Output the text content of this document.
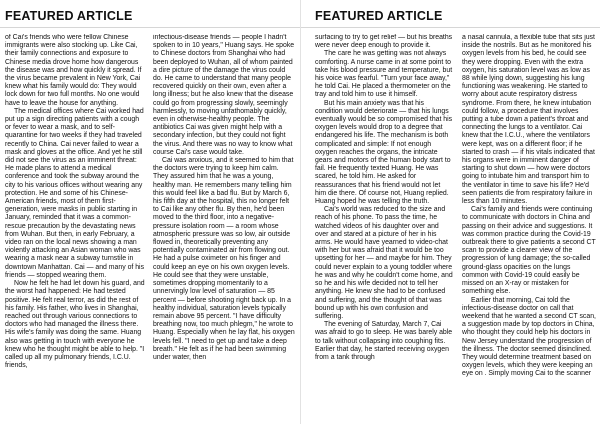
FEATURED ARTICLE

of Cai's friends who were fellow Chinese immigrants were also stocking up. Like Cai, their family connections and exposure to Chinese media drove home how dangerous the disease was and how quickly it spread. If the virus became prevalent in New York, Cai knew what his family would do: They would lock down for two full months. No one would have to leave the house for anything.

The medical offices where Cai worked had put up a sign directing patients with a cough or fever to wear a mask, and to self-quarantine for two weeks if they had traveled recently to China. Cai never failed to wear a mask and gloves at the office. And yet he still did not see the virus as an imminent threat: He made plans to attend a medical conference and took the subway around the city to his various offices without wearing any protection. He and some of his Chinese-American friends, most of them first-generation, were masks in public starting in January, reminded that it was a common-rescue precaution by the devastating news from Wuhan. But then, in early February, a video ran on the local news showing a man violently attacking an Asian woman who was wearing a mask near a subway turnstile in downtown Manhattan. Cai — and many of his friends — stopped wearing them.

Now he felt he had let down his guard, and the worst had happened: He had tested positive. He felt real terror, as did the rest of his family. His father, who lives in Shanghai, reached out through various connections to doctors who had managed the illness there. His wife's family was doing the same. Huang also was getting in touch with everyone he knew who he thought might be able to help. "I called up all my pulmonary friends, I.C.U. friends,

infectious-disease friends — people I hadn't spoken to in 10 years," Huang says. He spoke to Chinese doctors from Shanghai who had been deployed to Wuhan, all of whom painted a dire picture of the damage the virus could do. He came to understand that many people recovered quickly on their own, even after a long illness; but he also knew that the disease could go from progressing slowly, seemingly harmlessly, to moving unfathomably quickly, even in otherwise-healthy people. The antibiotics Cai was given might help with a secondary infection, but they could not fight the virus. And there was no way to know what course Cai's case would take.

Cai was anxious, and it seemed to him that the doctors were trying to keep him calm. They assured him that he was a young, healthy man. He remembers many telling him this would feel like a bad flu. But by March 6, his fifth day at the hospital, this no longer felt to Cai like any other flu. By then, he'd been moved to the third floor, into a negative-pressure isolation room — a room whose atmospheric pressure was so low, air outside flowed in, theoretically preventing any potentially contaminated air from flowing out. He had a pulse oximeter on his finger and could keep an eye on his own oxygen levels. He could see that they were unstable, sometimes dropping momentarily to a unnervingly low level of saturation — 85 percent — before shooting right back up. In a healthy individual, saturation levels typically remain above 95 percent. "I have difficulty breathing now, too much phlegm," he wrote to Huang. Especially when he lay flat, his oxygen levels fell. "I need to get up and take a deep breath." He felt as if he had been swimming under water, then

FEATURED ARTICLE

surfacing to try to get relief — but his breaths were never deep enough to provide it.

The care he was getting was not always comforting. A nurse came in at some point to take his blood pressure and temperature, but his voice was fearful. "Turn your face away," he told Cai. He placed a thermometer on the tray and told him to use it himself.

But his main anxiety was that his condition would deteriorate — that his lungs eventually would be so compromised that his oxygen levels would drop to a degree that endangered his life. The mechanism is both complicated and simple: If not enough oxygen reaches the organs, the intricate gears and motors of the human body start to fail. He frequently texted Huang. He was scared, he told him. He asked for reassurances that his friend would not let him die there. Of course not, Huang replied. Huang hoped he was telling the truth.

Cai's world was reduced to the size and reach of his phone. To pass the time, he watched videos of his daughter over and over and stared at a picture of her in his arms. He would have yearned to video-chat with her but was afraid that it would be too upsetting for her — and maybe for him. They could never explain to a young toddler where he was and why he couldn't come home, and so he and his wife decided not to tell her anything. He knew she had to be confused and suffering, and the thought of that was bound up with his own confusion and suffering.

The evening of Saturday, March 7, Cai was afraid to go to sleep. He was barely able to talk without collapsing into coughing fits. Earlier that day, he started receiving oxygen from a tank through

a nasal cannula, a flexible tube that sits just inside the nostrils. But as he monitored his oxygen levels from his bed, he could see they were dropping. Even with the extra oxygen, his saturation level was as low as 88 while lying down, suggesting his lung functioning was weakening. He started to worry about acute respiratory distress syndrome. From there, he knew intubation could follow, a procedure that involves putting a tube down a patient's throat and connecting the lungs to a ventilator. Cai knew that the I.C.U., where the ventilators were kept, was on a different floor; if he started to crash — if his vitals indicated that his organs were in imminent danger of starting to shut down — how were doctors going to intubate him and transport him to the ventilator in time to save his life? He'd seen patients die from respiratory failure in less than 10 minutes.

Cai's family and friends were continuing to communicate with doctors in China and passing on their advice and suggestions. It was common practice during the Covid-19 outbreak there to give patients a second CT scan to provide a clearer view of the progression of lung damage; the so-called ground-glass opacities on the lungs common with Covid-19 could easily be missed on an X-ray or mistaken for something else.

Earlier that morning, Cai told the infectious-disease doctor on call that weekend that he wanted a second CT scan, a suggestion made by top doctors in China, who thought they could help his doctors in New Jersey understand the progression of the illness. The doctor seemed disinclined. They would determine treatment based on oxygen levels, which they were keeping an eye on . Simply moving Cai to the scanner
